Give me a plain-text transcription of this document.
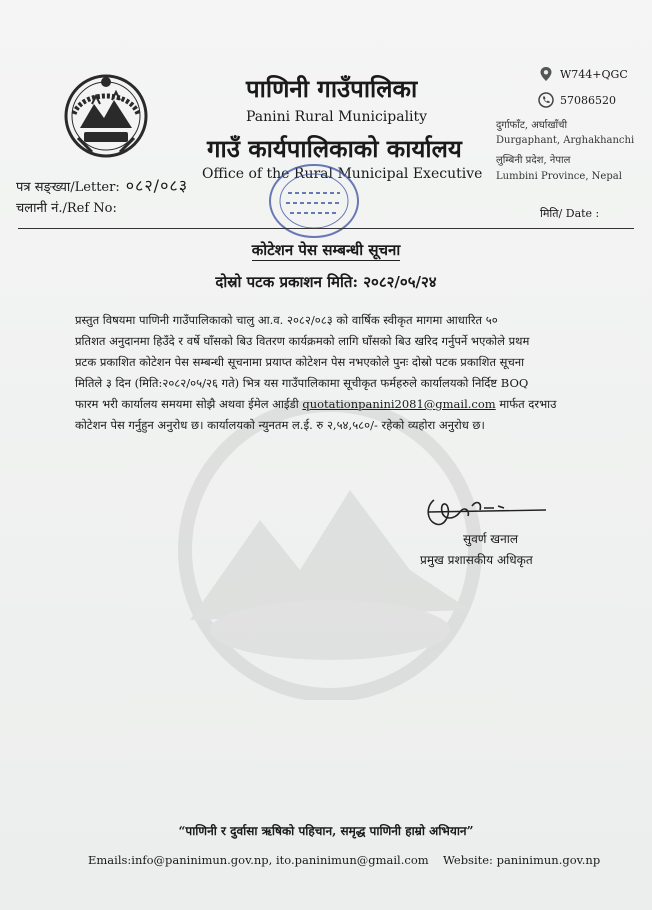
पाणिनी गाउँपालिका
Panini Rural Municipality
गाउँ कार्यपालिकाको कार्यालय
Office of the Rural Municipal Executive
W744+QGC
57086520
दुर्गाफाँट, अर्घाखाँची
Durgaphant, Arghakhanchi
लुम्बिनी प्रदेश, नेपाल
Lumbini Province, Nepal
पत्र सङ्ख्या/Letter: ०८२/०८३
चलानी नं./Ref No:	मिति/ Date :
कोटेशन पेस सम्बन्धी सूचना
दोस्रो पटक प्रकाशन मिति: २०८२/०५/२४
प्रस्तुत विषयमा पाणिनी गाउँपालिकाको चालु आ.व. २०८२/०८३ को वार्षिक स्वीकृत मागमा आधारित ५०
प्रतिशत अनुदानमा हिउँदे र वर्षे घाँसको बिउ वितरण कार्यक्रमको लागि घाँसको बिउ खरिद गर्नुपर्ने भएकोले प्रथम
प्रटक प्रकाशित कोटेशन पेस सम्बन्धी सूचनामा प्रयाप्त कोटेशन पेस नभएकोले पुनः दोस्रो पटक प्रकाशित सूचना
मितिले ३ दिन (मिति:२०८२/०५/२६ गते) भित्र यस गाउँपालिकामा सूचीकृत फर्महरुले कार्यालयको निर्दिष्ट BOQ
फारम भरी कार्यालय समयमा सोझै अथवा ईमेल आईडी quotationpanini2081@gmail.com मार्फत दरभाउ
कोटेशन पेस गर्नुहुन अनुरोध छ। कार्यालयको न्युनतम ल.ई. रु २,५४,५८०/- रहेको व्यहोरा अनुरोध छ।
सुवर्ण खनाल
प्रमुख प्रशासकीय अधिकृत
“पाणिनी र दुर्वासा ऋषिको पहिचान, समृद्ध पाणिनी हाम्रो अभियान”
Emails:info@paninimun.gov.np, ito.paninimun@gmail.com Website: paninimun.gov.np
